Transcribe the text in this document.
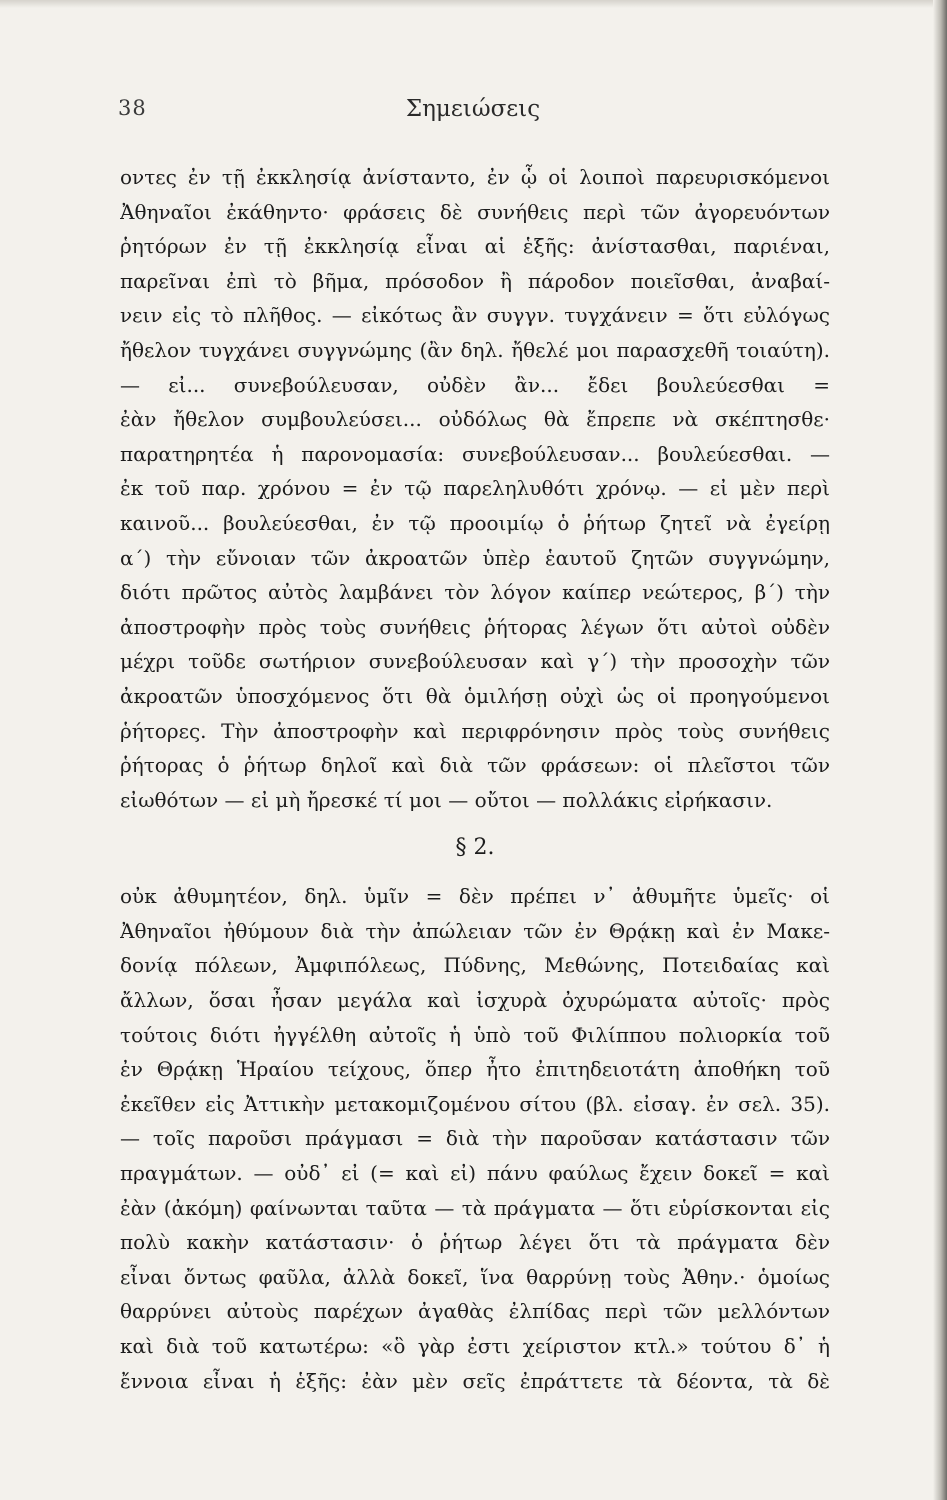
38	Σημειώσεις
οντες ἐν τῇ ἐκκλησίᾳ ἀνίσταντο, ἐν ᾧ οἱ λοιποὶ παρευρισκόμενοι
Ἀθηναῖοι ἐκάθηντο· φράσεις δὲ συνήθεις περὶ τῶν ἀγορευόντων
ῥητόρων ἐν τῇ ἐκκλησίᾳ εἶναι αἱ ἑξῆς: ἀνίστασθαι, παριέναι,
παρεῖναι ἐπὶ τὸ βῆμα, πρόσοδον ἢ πάροδον ποιεῖσθαι, ἀναβαί-
νειν εἰς τὸ πλῆθος. — εἰκότως ἂν συγγν. τυγχάνειν = ὅτι εὐλόγως
ἤθελον τυγχάνει συγγνώμης (ἂν δηλ. ἤθελέ μοι παρασχεθῆ τοιαύτη).
— εἰ... συνεβούλευσαν, οὐδὲν ἂν... ἔδει βουλεύεσθαι =
ἐὰν ἤθελον συμβουλεύσει... οὐδόλως θὰ ἔπρεπε νὰ σκέπτησθε·
παρατηρητέα ἡ παρονομασία: συνεβούλευσαν... βουλεύεσθαι. —
ἐκ τοῦ παρ. χρόνου = ἐν τῷ παρεληλυθότι χρόνῳ. — εἰ μὲν περὶ
καινοῦ... βουλεύεσθαι, ἐν τῷ προοιμίῳ ὁ ῥήτωρ ζητεῖ νὰ ἐγείρῃ
α΄) τὴν εὔνοιαν τῶν ἀκροατῶν ὑπὲρ ἑαυτοῦ ζητῶν συγγνώμην,
διότι πρῶτος αὐτὸς λαμβάνει τὸν λόγον καίπερ νεώτερος, β΄) τὴν
ἀποστροφὴν πρὸς τοὺς συνήθεις ῥήτορας λέγων ὅτι αὐτοὶ οὐδὲν
μέχρι τοῦδε σωτήριον συνεβούλευσαν καὶ γ΄) τὴν προσοχὴν τῶν
ἀκροατῶν ὑποσχόμενος ὅτι θὰ ὁμιλήσῃ οὐχὶ ὡς οἱ προηγούμενοι
ῥήτορες. Τὴν ἀποστροφὴν καὶ περιφρόνησιν πρὸς τοὺς συνήθεις
ῥήτορας ὁ ῥήτωρ δηλοῖ καὶ διὰ τῶν φράσεων: οἱ πλεῖστοι τῶν
εἰωθότων — εἰ μὴ ἤρεσκέ τί μοι — οὔτοι — πολλάκις εἰρήκασιν.
§ 2.
οὐκ ἀθυμητέον, δηλ. ὑμῖν = δὲν πρέπει ν᾽ ἀθυμῆτε ὑμεῖς· οἱ
Ἀθηναῖοι ἠθύμουν διὰ τὴν ἀπώλειαν τῶν ἐν Θρᾴκῃ καὶ ἐν Μακε-
δονίᾳ πόλεων, Ἀμφιπόλεως, Πύδνης, Μεθώνης, Ποτειδαίας καὶ
ἄλλων, ὅσαι ἦσαν μεγάλα καὶ ἰσχυρὰ ὀχυρώματα αὐτοῖς· πρὸς
τούτοις διότι ἠγγέλθη αὐτοῖς ἡ ὑπὸ τοῦ Φιλίππου πολιορκία τοῦ
ἐν Θρᾴκῃ Ἡραίου τείχους, ὅπερ ἦτο ἐπιτηδειοτάτη ἀποθήκη τοῦ
ἐκεῖθεν εἰς Ἀττικὴν μετακομιζομένου σίτου (βλ. εἰσαγ. ἐν σελ. 35).
— τοῖς παροῦσι πράγμασι = διὰ τὴν παροῦσαν κατάστασιν τῶν
πραγμάτων. — οὐδ᾽ εἰ (= καὶ εἰ) πάνυ φαύλως ἔχειν δοκεῖ = καὶ
ἐὰν (ἀκόμη) φαίνωνται ταῦτα — τὰ πράγματα — ὅτι εὑρίσκονται εἰς
πολὺ κακὴν κατάστασιν· ὁ ῥήτωρ λέγει ὅτι τὰ πράγματα δὲν
εἶναι ὄντως φαῦλα, ἀλλὰ δοκεῖ, ἵνα θαρρύνῃ τοὺς Ἀθην.· ὁμοίως
θαρρύνει αὐτοὺς παρέχων ἀγαθὰς ἐλπίδας περὶ τῶν μελλόντων
καὶ διὰ τοῦ κατωτέρω: «ὃ γὰρ ἐστι χείριστον κτλ.» τούτου δ᾽ ἡ
ἔννοια εἶναι ἡ ἑξῆς: ἐὰν μὲν σεῖς ἐπράττετε τὰ δέοντα, τὰ δὲ
